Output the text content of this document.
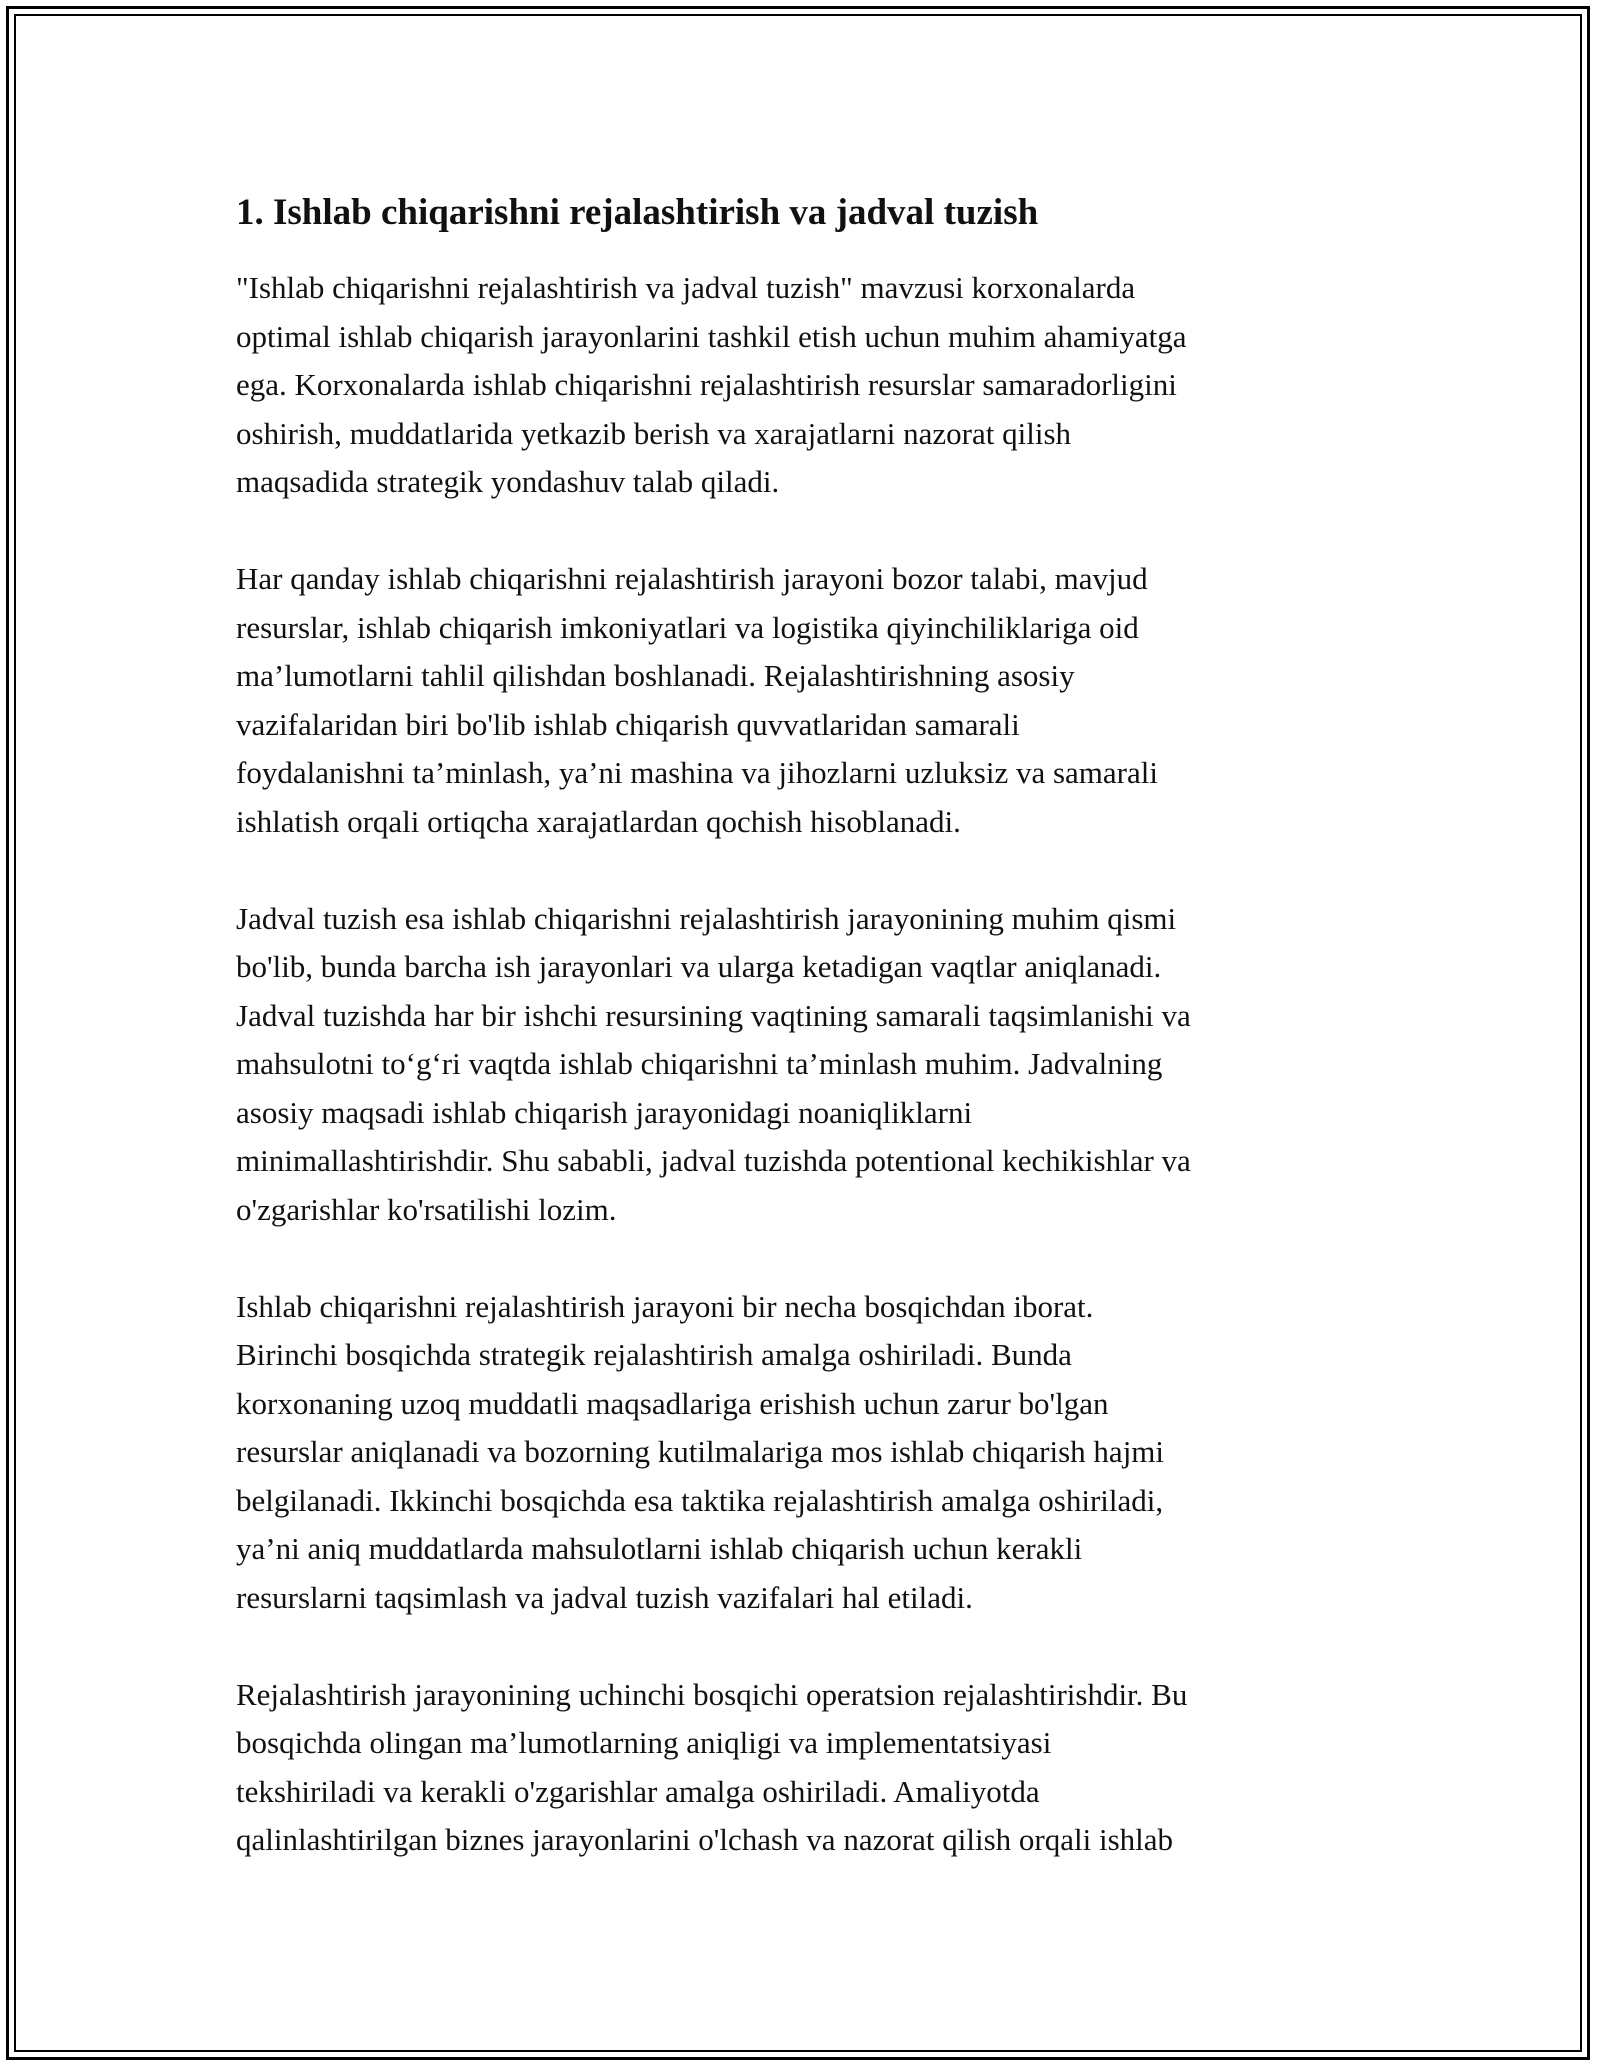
1. Ishlab chiqarishni rejalashtirish va jadval tuzish

"Ishlab chiqarishni rejalashtirish va jadval tuzish" mavzusi korxonalarda
optimal ishlab chiqarish jarayonlarini tashkil etish uchun muhim ahamiyatga
ega. Korxonalarda ishlab chiqarishni rejalashtirish resurslar samaradorligini
oshirish, muddatlarida yetkazib berish va xarajatlarni nazorat qilish
maqsadida strategik yondashuv talab qiladi.

Har qanday ishlab chiqarishni rejalashtirish jarayoni bozor talabi, mavjud
resurslar, ishlab chiqarish imkoniyatlari va logistika qiyinchiliklariga oid
ma’lumotlarni tahlil qilishdan boshlanadi. Rejalashtirishning asosiy
vazifalaridan biri bo'lib ishlab chiqarish quvvatlaridan samarali
foydalanishni ta’minlash, ya’ni mashina va jihozlarni uzluksiz va samarali
ishlatish orqali ortiqcha xarajatlardan qochish hisoblanadi.

Jadval tuzish esa ishlab chiqarishni rejalashtirish jarayonining muhim qismi
bo'lib, bunda barcha ish jarayonlari va ularga ketadigan vaqtlar aniqlanadi.
Jadval tuzishda har bir ishchi resursining vaqtining samarali taqsimlanishi va
mahsulotni to‘g‘ri vaqtda ishlab chiqarishni ta’minlash muhim. Jadvalning
asosiy maqsadi ishlab chiqarish jarayonidagi noaniqliklarni
minimallashtirishdir. Shu sababli, jadval tuzishda potentional kechikishlar va
o'zgarishlar ko'rsatilishi lozim.

Ishlab chiqarishni rejalashtirish jarayoni bir necha bosqichdan iborat.
Birinchi bosqichda strategik rejalashtirish amalga oshiriladi. Bunda
korxonaning uzoq muddatli maqsadlariga erishish uchun zarur bo'lgan
resurslar aniqlanadi va bozorning kutilmalariga mos ishlab chiqarish hajmi
belgilanadi. Ikkinchi bosqichda esa taktika rejalashtirish amalga oshiriladi,
ya’ni aniq muddatlarda mahsulotlarni ishlab chiqarish uchun kerakli
resurslarni taqsimlash va jadval tuzish vazifalari hal etiladi.

Rejalashtirish jarayonining uchinchi bosqichi operatsion rejalashtirishdir. Bu
bosqichda olingan ma’lumotlarning aniqligi va implementatsiyasi
tekshiriladi va kerakli o'zgarishlar amalga oshiriladi. Amaliyotda
qalinlashtirilgan biznes jarayonlarini o'lchash va nazorat qilish orqali ishlab
